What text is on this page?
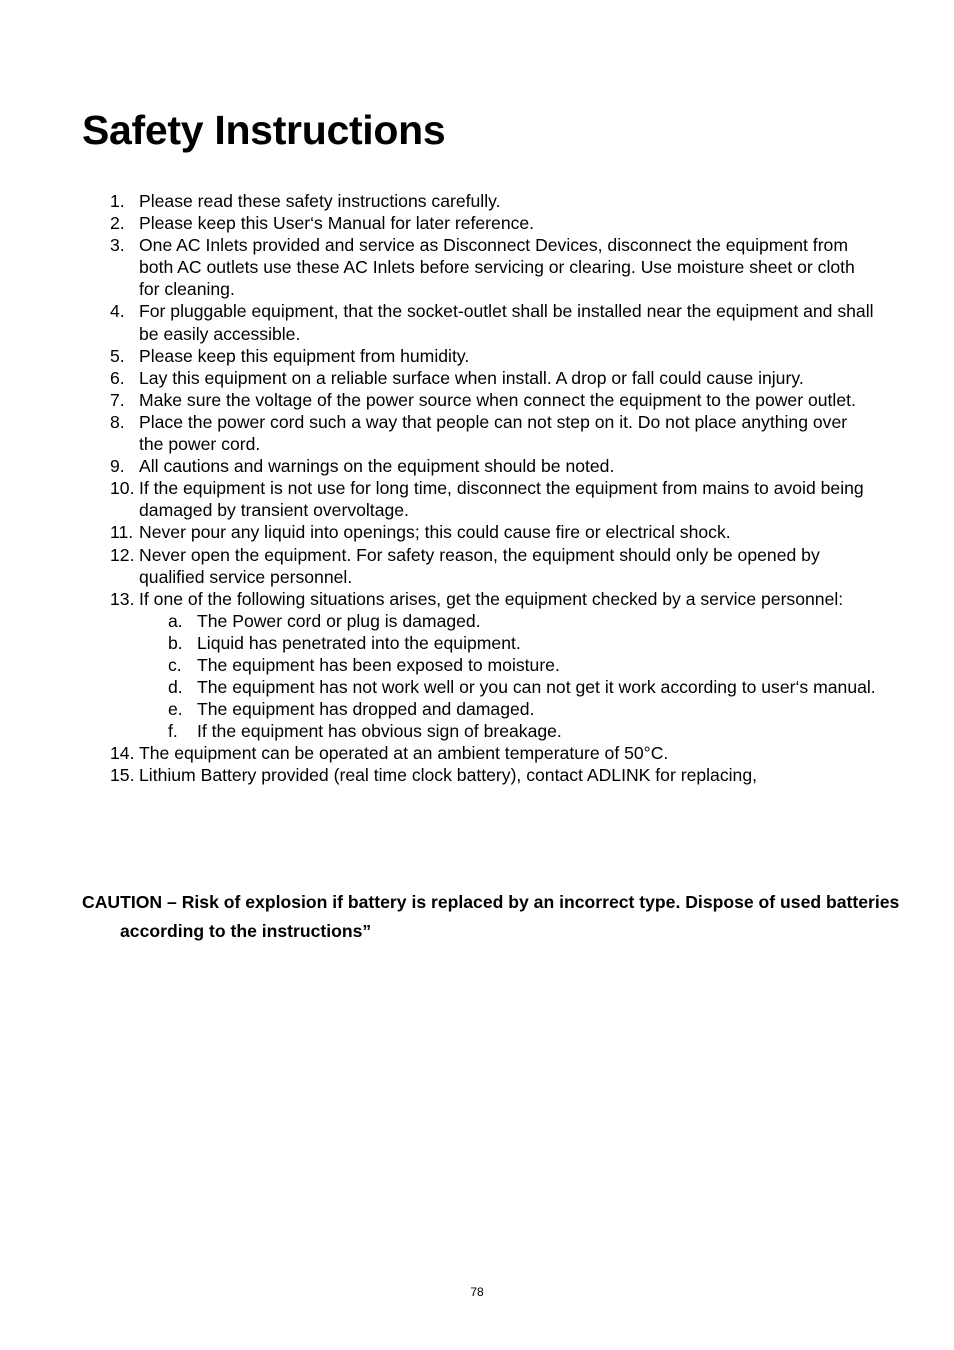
Safety Instructions
1. Please read these safety instructions carefully.
2. Please keep this User‘s Manual for later reference.
3. One AC Inlets provided and service as Disconnect Devices, disconnect the equipment from both AC outlets use these AC Inlets before servicing or clearing. Use moisture sheet or cloth for cleaning.
4. For pluggable equipment, that the socket-outlet shall be installed near the equipment and shall be easily accessible.
5. Please keep this equipment from humidity.
6. Lay this equipment on a reliable surface when install. A drop or fall could cause injury.
7. Make sure the voltage of the power source when connect the equipment to the power outlet.
8. Place the power cord such a way that people can not step on it. Do not place anything over the power cord.
9. All cautions and warnings on the equipment should be noted.
10. If the equipment is not use for long time, disconnect the equipment from mains to avoid being damaged by transient overvoltage.
11. Never pour any liquid into openings; this could cause fire or electrical shock.
12. Never open the equipment. For safety reason, the equipment should only be opened by qualified service personnel.
13. If one of the following situations arises, get the equipment checked by a service personnel:
a. The Power cord or plug is damaged.
b. Liquid has penetrated into the equipment.
c. The equipment has been exposed to moisture.
d. The equipment has not work well or you can not get it work according to user‘s manual.
e. The equipment has dropped and damaged.
f. If the equipment has obvious sign of breakage.
14. The equipment can be operated at an ambient temperature of 50°C.
15. Lithium Battery provided (real time clock battery), contact ADLINK for replacing,

CAUTION – Risk of explosion if battery is replaced by an incorrect type. Dispose of used batteries according to the instructions”

78
